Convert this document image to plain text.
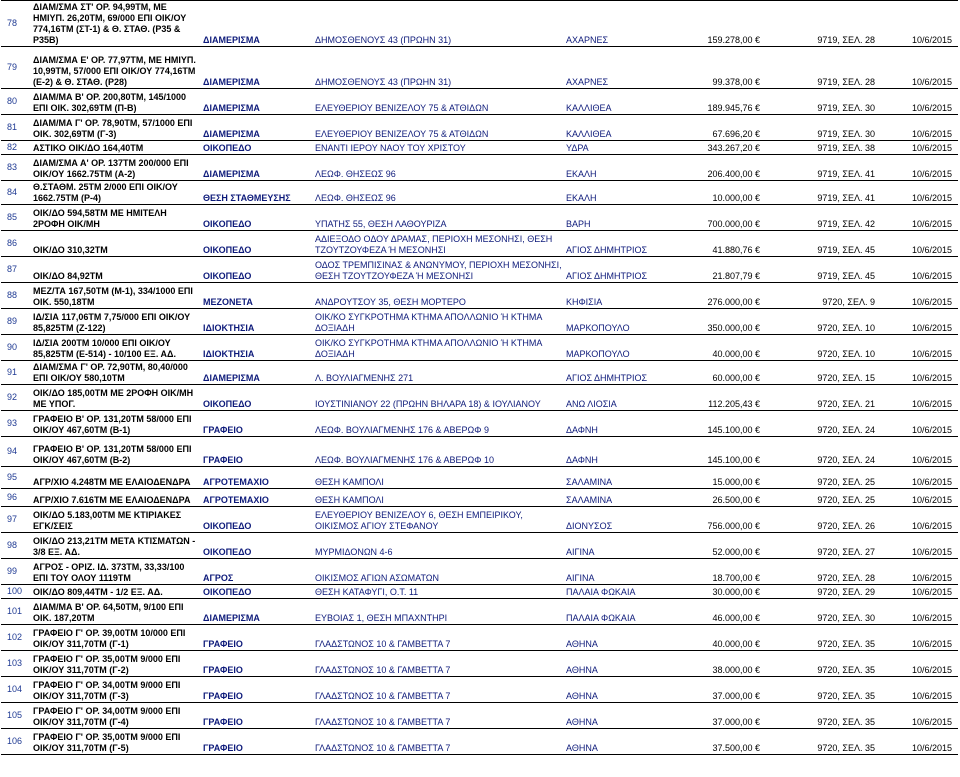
78	ΔΙΑΜ/ΣΜΑ ΣΤ' ΟΡ. 94,99ΤΜ, ΜΕ ΗΜΙΥΠ. 26,20ΤΜ, 69/000 ΕΠΙ ΟΙΚ/ΟΥ 774,16ΤΜ (ΣΤ-1) & Θ. ΣΤΑΘ. (Ρ35 & Ρ35Β)	ΔΙΑΜΕΡΙΣΜΑ	ΔΗΜΟΣΘΕΝΟΥΣ 43 (ΠΡΩΗΝ 31)	ΑΧΑΡΝΕΣ	159.278,00 €	9719, ΣΕΛ. 28	10/6/2015
79	ΔΙΑΜ/ΣΜΑ Ε' ΟΡ. 77,97ΤΜ, ΜΕ ΗΜΙΥΠ. 10,99ΤΜ, 57/000 ΕΠΙ ΟΙΚ/ΟΥ 774,16ΤΜ (Ε-2) & Θ. ΣΤΑΘ. (Ρ28)	ΔΙΑΜΕΡΙΣΜΑ	ΔΗΜΟΣΘΕΝΟΥΣ 43 (ΠΡΩΗΝ 31)	ΑΧΑΡΝΕΣ	99.378,00 €	9719, ΣΕΛ. 28	10/6/2015
80	ΔΙΑΜ/ΜΑ Β' ΟΡ. 200,80ΤΜ, 145/1000 ΕΠΙ ΟΙΚ. 302,69ΤΜ (Π-Β)	ΔΙΑΜΕΡΙΣΜΑ	ΕΛΕΥΘΕΡΙΟΥ ΒΕΝΙΖΕΛΟΥ 75 & ΑΤΘΙΔΩΝ	ΚΑΛΛΙΘΕΑ	189.945,76 €	9719, ΣΕΛ. 30	10/6/2015
81	ΔΙΑΜ/ΜΑ Γ' ΟΡ. 78,90ΤΜ, 57/1000 ΕΠΙ ΟΙΚ. 302,69ΤΜ (Γ-3)	ΔΙΑΜΕΡΙΣΜΑ	ΕΛΕΥΘΕΡΙΟΥ ΒΕΝΙΖΕΛΟΥ 75 & ΑΤΘΙΔΩΝ	ΚΑΛΛΙΘΕΑ	67.696,20 €	9719, ΣΕΛ. 30	10/6/2015
82	ΑΣΤΙΚΟ ΟΙΚ/ΔΟ 164,40ΤΜ	ΟΙΚΟΠΕΔΟ	ΕΝΑΝΤΙ ΙΕΡΟΥ ΝΑΟΥ ΤΟΥ ΧΡΙΣΤΟΥ	ΥΔΡΑ	343.267,20 €	9719, ΣΕΛ. 38	10/6/2015
83	ΔΙΑΜ/ΣΜΑ Α' ΟΡ. 137ΤΜ 200/000 ΕΠΙ ΟΙΚ/ΟΥ 1662.75ΤΜ (Α-2)	ΔΙΑΜΕΡΙΣΜΑ	ΛΕΩΦ. ΘΗΣΕΩΣ 96	ΕΚΑΛΗ	206.400,00 €	9719, ΣΕΛ. 41	10/6/2015
84	Θ.ΣΤΑΘΜ. 25ΤΜ 2/000 ΕΠΙ ΟΙΚ/ΟΥ 1662.75ΤΜ (Ρ-4)	ΘΕΣΗ ΣΤΑΘΜΕΥΣΗΣ	ΛΕΩΦ. ΘΗΣΕΩΣ 96	ΕΚΑΛΗ	10.000,00 €	9719, ΣΕΛ. 41	10/6/2015
85	ΟΙΚ/ΔΟ 594,58ΤΜ ΜΕ ΗΜΙΤΕΛΗ 2ΡΟΦΗ ΟΙΚ/ΜΗ	ΟΙΚΟΠΕΔΟ	ΥΠΑΤΗΣ 55, ΘΕΣΗ ΛΑΘΟΥΡΙΖΑ	ΒΑΡΗ	700.000,00 €	9719, ΣΕΛ. 42	10/6/2015
86	ΟΙΚ/ΔΟ 310,32ΤΜ	ΟΙΚΟΠΕΔΟ	ΑΔΙΕΞΟΔΟ ΟΔΟΥ ΔΡΑΜΑΣ, ΠΕΡΙΟΧΗ ΜΕΣΟΝΗΣΙ, ΘΕΣΗ ΤΖΟΥΤΖΟΥΦΕΖΑ Ή ΜΕΣΟΝΗΣΙ	ΑΓΙΟΣ ΔΗΜΗΤΡΙΟΣ	41.880,76 €	9719, ΣΕΛ. 45	10/6/2015
87	ΟΙΚ/ΔΟ 84,92ΤΜ	ΟΙΚΟΠΕΔΟ	ΟΔΟΣ ΤΡΕΜΠΙΣΙΝΑΣ & ΑΝΩΝΥΜΟΥ, ΠΕΡΙΟΧΗ ΜΕΣΟΝΗΣΙ, ΘΕΣΗ ΤΖΟΥΤΖΟΥΦΕΖΑ Ή ΜΕΣΟΝΗΣΙ	ΑΓΙΟΣ ΔΗΜΗΤΡΙΟΣ	21.807,79 €	9719, ΣΕΛ. 45	10/6/2015
88	ΜΕΖ/ΤΑ 167,50ΤΜ (Μ-1), 334/1000 ΕΠΙ ΟΙΚ. 550,18ΤΜ	ΜΕΖΟΝΕΤΑ	ΑΝΔΡΟΥΤΣΟΥ 35, ΘΕΣΗ ΜΟΡΤΕΡΟ	ΚΗΦΙΣΙΑ	276.000,00 €	9720, ΣΕΛ. 9	10/6/2015
89	ΙΔ/ΣΙΑ 117,06ΤΜ 7,75/000 ΕΠΙ ΟΙΚ/ΟΥ 85,825ΤΜ (Ζ-122)	ΙΔΙΟΚΤΗΣΙΑ	ΟΙΚ/ΚΟ ΣΥΓΚΡΟΤΗΜΑ ΚΤΗΜΑ ΑΠΟΛΛΩΝΙΟ Ή ΚΤΗΜΑ ΔΟΞΙΑΔΗ	ΜΑΡΚΟΠΟΥΛΟ	350.000,00 €	9720, ΣΕΛ. 10	10/6/2015
90	ΙΔ/ΣΙΑ 200ΤΜ 10/000 ΕΠΙ ΟΙΚ/ΟΥ 85,825ΤΜ (Ε-514) - 10/100 ΕΞ. ΑΔ.	ΙΔΙΟΚΤΗΣΙΑ	ΟΙΚ/ΚΟ ΣΥΓΚΡΟΤΗΜΑ ΚΤΗΜΑ ΑΠΟΛΛΩΝΙΟ Ή ΚΤΗΜΑ ΔΟΞΙΑΔΗ	ΜΑΡΚΟΠΟΥΛΟ	40.000,00 €	9720, ΣΕΛ. 10	10/6/2015
91	ΔΙΑΜ/ΣΜΑ Γ' ΟΡ. 72,90ΤΜ, 80,40/000 ΕΠΙ ΟΙΚ/ΟΥ 580,10ΤΜ	ΔΙΑΜΕΡΙΣΜΑ	Λ. ΒΟΥΛΙΑΓΜΕΝΗΣ 271	ΑΓΙΟΣ ΔΗΜΗΤΡΙΟΣ	60.000,00 €	9720, ΣΕΛ. 15	10/6/2015
92	ΟΙΚ/ΔΟ 185,00ΤΜ ΜΕ 2ΡΟΦΗ ΟΙΚ/ΜΗ ΜΕ ΥΠΟΓ.	ΟΙΚΟΠΕΔΟ	ΙΟΥΣΤΙΝΙΑΝΟΥ 22 (ΠΡΩΗΝ ΒΗΛΑΡΑ 18) & ΙΟΥΛΙΑΝΟΥ	ΑΝΩ ΛΙΟΣΙΑ	112.205,43 €	9720, ΣΕΛ. 21	10/6/2015
93	ΓΡΑΦΕΙΟ Β' ΟΡ. 131,20ΤΜ 58/000 ΕΠΙ ΟΙΚ/ΟΥ 467,60ΤΜ (Β-1)	ΓΡΑΦΕΙΟ	ΛΕΩΦ. ΒΟΥΛΙΑΓΜΕΝΗΣ 176 & ΑΒΕΡΩΦ 9	ΔΑΦΝΗ	145.100,00 €	9720, ΣΕΛ. 24	10/6/2015
94	ΓΡΑΦΕΙΟ Β' ΟΡ. 131,20ΤΜ 58/000 ΕΠΙ ΟΙΚ/ΟΥ 467,60ΤΜ (Β-2)	ΓΡΑΦΕΙΟ	ΛΕΩΦ. ΒΟΥΛΙΑΓΜΕΝΗΣ 176 & ΑΒΕΡΩΦ 10	ΔΑΦΝΗ	145.100,00 €	9720, ΣΕΛ. 24	10/6/2015
95	ΑΓΡ/ΧΙΟ 4.248ΤΜ ΜΕ ΕΛΑΙΟΔΕΝΔΡΑ	ΑΓΡΟΤΕΜΑΧΙΟ	ΘΕΣΗ ΚΑΜΠΟΛΙ	ΣΑΛΑΜΙΝΑ	15.000,00 €	9720, ΣΕΛ. 25	10/6/2015
96	ΑΓΡ/ΧΙΟ 7.616ΤΜ ΜΕ ΕΛΑΙΟΔΕΝΔΡΑ	ΑΓΡΟΤΕΜΑΧΙΟ	ΘΕΣΗ ΚΑΜΠΟΛΙ	ΣΑΛΑΜΙΝΑ	26.500,00 €	9720, ΣΕΛ. 25	10/6/2015
97	ΟΙΚ/ΔΟ 5.183,00ΤΜ ΜΕ ΚΤΙΡΙΑΚΕΣ ΕΓΚ/ΣΕΙΣ	ΟΙΚΟΠΕΔΟ	ΕΛΕΥΘΕΡΙΟΥ ΒΕΝΙΖΕΛΟΥ 6, ΘΕΣΗ ΕΜΠΕΙΡΙΚΟΥ, ΟΙΚΙΣΜΟΣ ΑΓΙΟΥ ΣΤΕΦΑΝΟΥ	ΔΙΟΝΥΣΟΣ	756.000,00 €	9720, ΣΕΛ. 26	10/6/2015
98	ΟΙΚ/ΔΟ 213,21ΤΜ ΜΕΤΑ ΚΤΙΣΜΑΤΩΝ - 3/8 ΕΞ. ΑΔ.	ΟΙΚΟΠΕΔΟ	ΜΥΡΜΙΔΟΝΩΝ 4-6	ΑΙΓΙΝΑ	52.000,00 €	9720, ΣΕΛ. 27	10/6/2015
99	ΑΓΡΟΣ - ΟΡΙΖ. ΙΔ. 373ΤΜ, 33,33/100 ΕΠΙ ΤΟΥ ΟΛΟΥ 1119ΤΜ	ΑΓΡΟΣ	ΟΙΚΙΣΜΟΣ ΑΓΙΩΝ ΑΣΩΜΑΤΩΝ	ΑΙΓΙΝΑ	18.700,00 €	9720, ΣΕΛ. 28	10/6/2015
100	ΟΙΚ/ΔΟ 809,44ΤΜ - 1/2 ΕΞ. ΑΔ.	ΟΙΚΟΠΕΔΟ	ΘΕΣΗ ΚΑΤΑΦΥΓΙ, Ο.Τ. 11	ΠΑΛΑΙΑ ΦΩΚΑΙΑ	30.000,00 €	9720, ΣΕΛ. 29	10/6/2015
101	ΔΙΑΜ/ΜΑ Β' ΟΡ. 64,50ΤΜ, 9/100 ΕΠΙ ΟΙΚ. 187,20ΤΜ	ΔΙΑΜΕΡΙΣΜΑ	ΕΥΒΟΙΑΣ 1, ΘΕΣΗ ΜΠΑΧΝΤΗΡΙ	ΠΑΛΑΙΑ ΦΩΚΑΙΑ	46.000,00 €	9720, ΣΕΛ. 30	10/6/2015
102	ΓΡΑΦΕΙΟ Γ' ΟΡ. 39,00ΤΜ 10/000 ΕΠΙ ΟΙΚ/ΟΥ 311,70ΤΜ (Γ-1)	ΓΡΑΦΕΙΟ	ΓΛΑΔΣΤΩΝΟΣ 10 & ΓΑΜΒΕΤΤΑ 7	ΑΘΗΝΑ	40.000,00 €	9720, ΣΕΛ. 35	10/6/2015
103	ΓΡΑΦΕΙΟ Γ' ΟΡ. 35,00ΤΜ 9/000 ΕΠΙ ΟΙΚ/ΟΥ 311,70ΤΜ (Γ-2)	ΓΡΑΦΕΙΟ	ΓΛΑΔΣΤΩΝΟΣ 10 & ΓΑΜΒΕΤΤΑ 7	ΑΘΗΝΑ	38.000,00 €	9720, ΣΕΛ. 35	10/6/2015
104	ΓΡΑΦΕΙΟ Γ' ΟΡ. 34,00ΤΜ 9/000 ΕΠΙ ΟΙΚ/ΟΥ 311,70ΤΜ (Γ-3)	ΓΡΑΦΕΙΟ	ΓΛΑΔΣΤΩΝΟΣ 10 & ΓΑΜΒΕΤΤΑ 7	ΑΘΗΝΑ	37.000,00 €	9720, ΣΕΛ. 35	10/6/2015
105	ΓΡΑΦΕΙΟ Γ' ΟΡ. 34,00ΤΜ 9/000 ΕΠΙ ΟΙΚ/ΟΥ 311,70ΤΜ (Γ-4)	ΓΡΑΦΕΙΟ	ΓΛΑΔΣΤΩΝΟΣ 10 & ΓΑΜΒΕΤΤΑ 7	ΑΘΗΝΑ	37.000,00 €	9720, ΣΕΛ. 35	10/6/2015
106	ΓΡΑΦΕΙΟ Γ' ΟΡ. 35,00ΤΜ 9/000 ΕΠΙ ΟΙΚ/ΟΥ 311,70ΤΜ (Γ-5)	ΓΡΑΦΕΙΟ	ΓΛΑΔΣΤΩΝΟΣ 10 & ΓΑΜΒΕΤΤΑ 7	ΑΘΗΝΑ	37.500,00 €	9720, ΣΕΛ. 35	10/6/2015
